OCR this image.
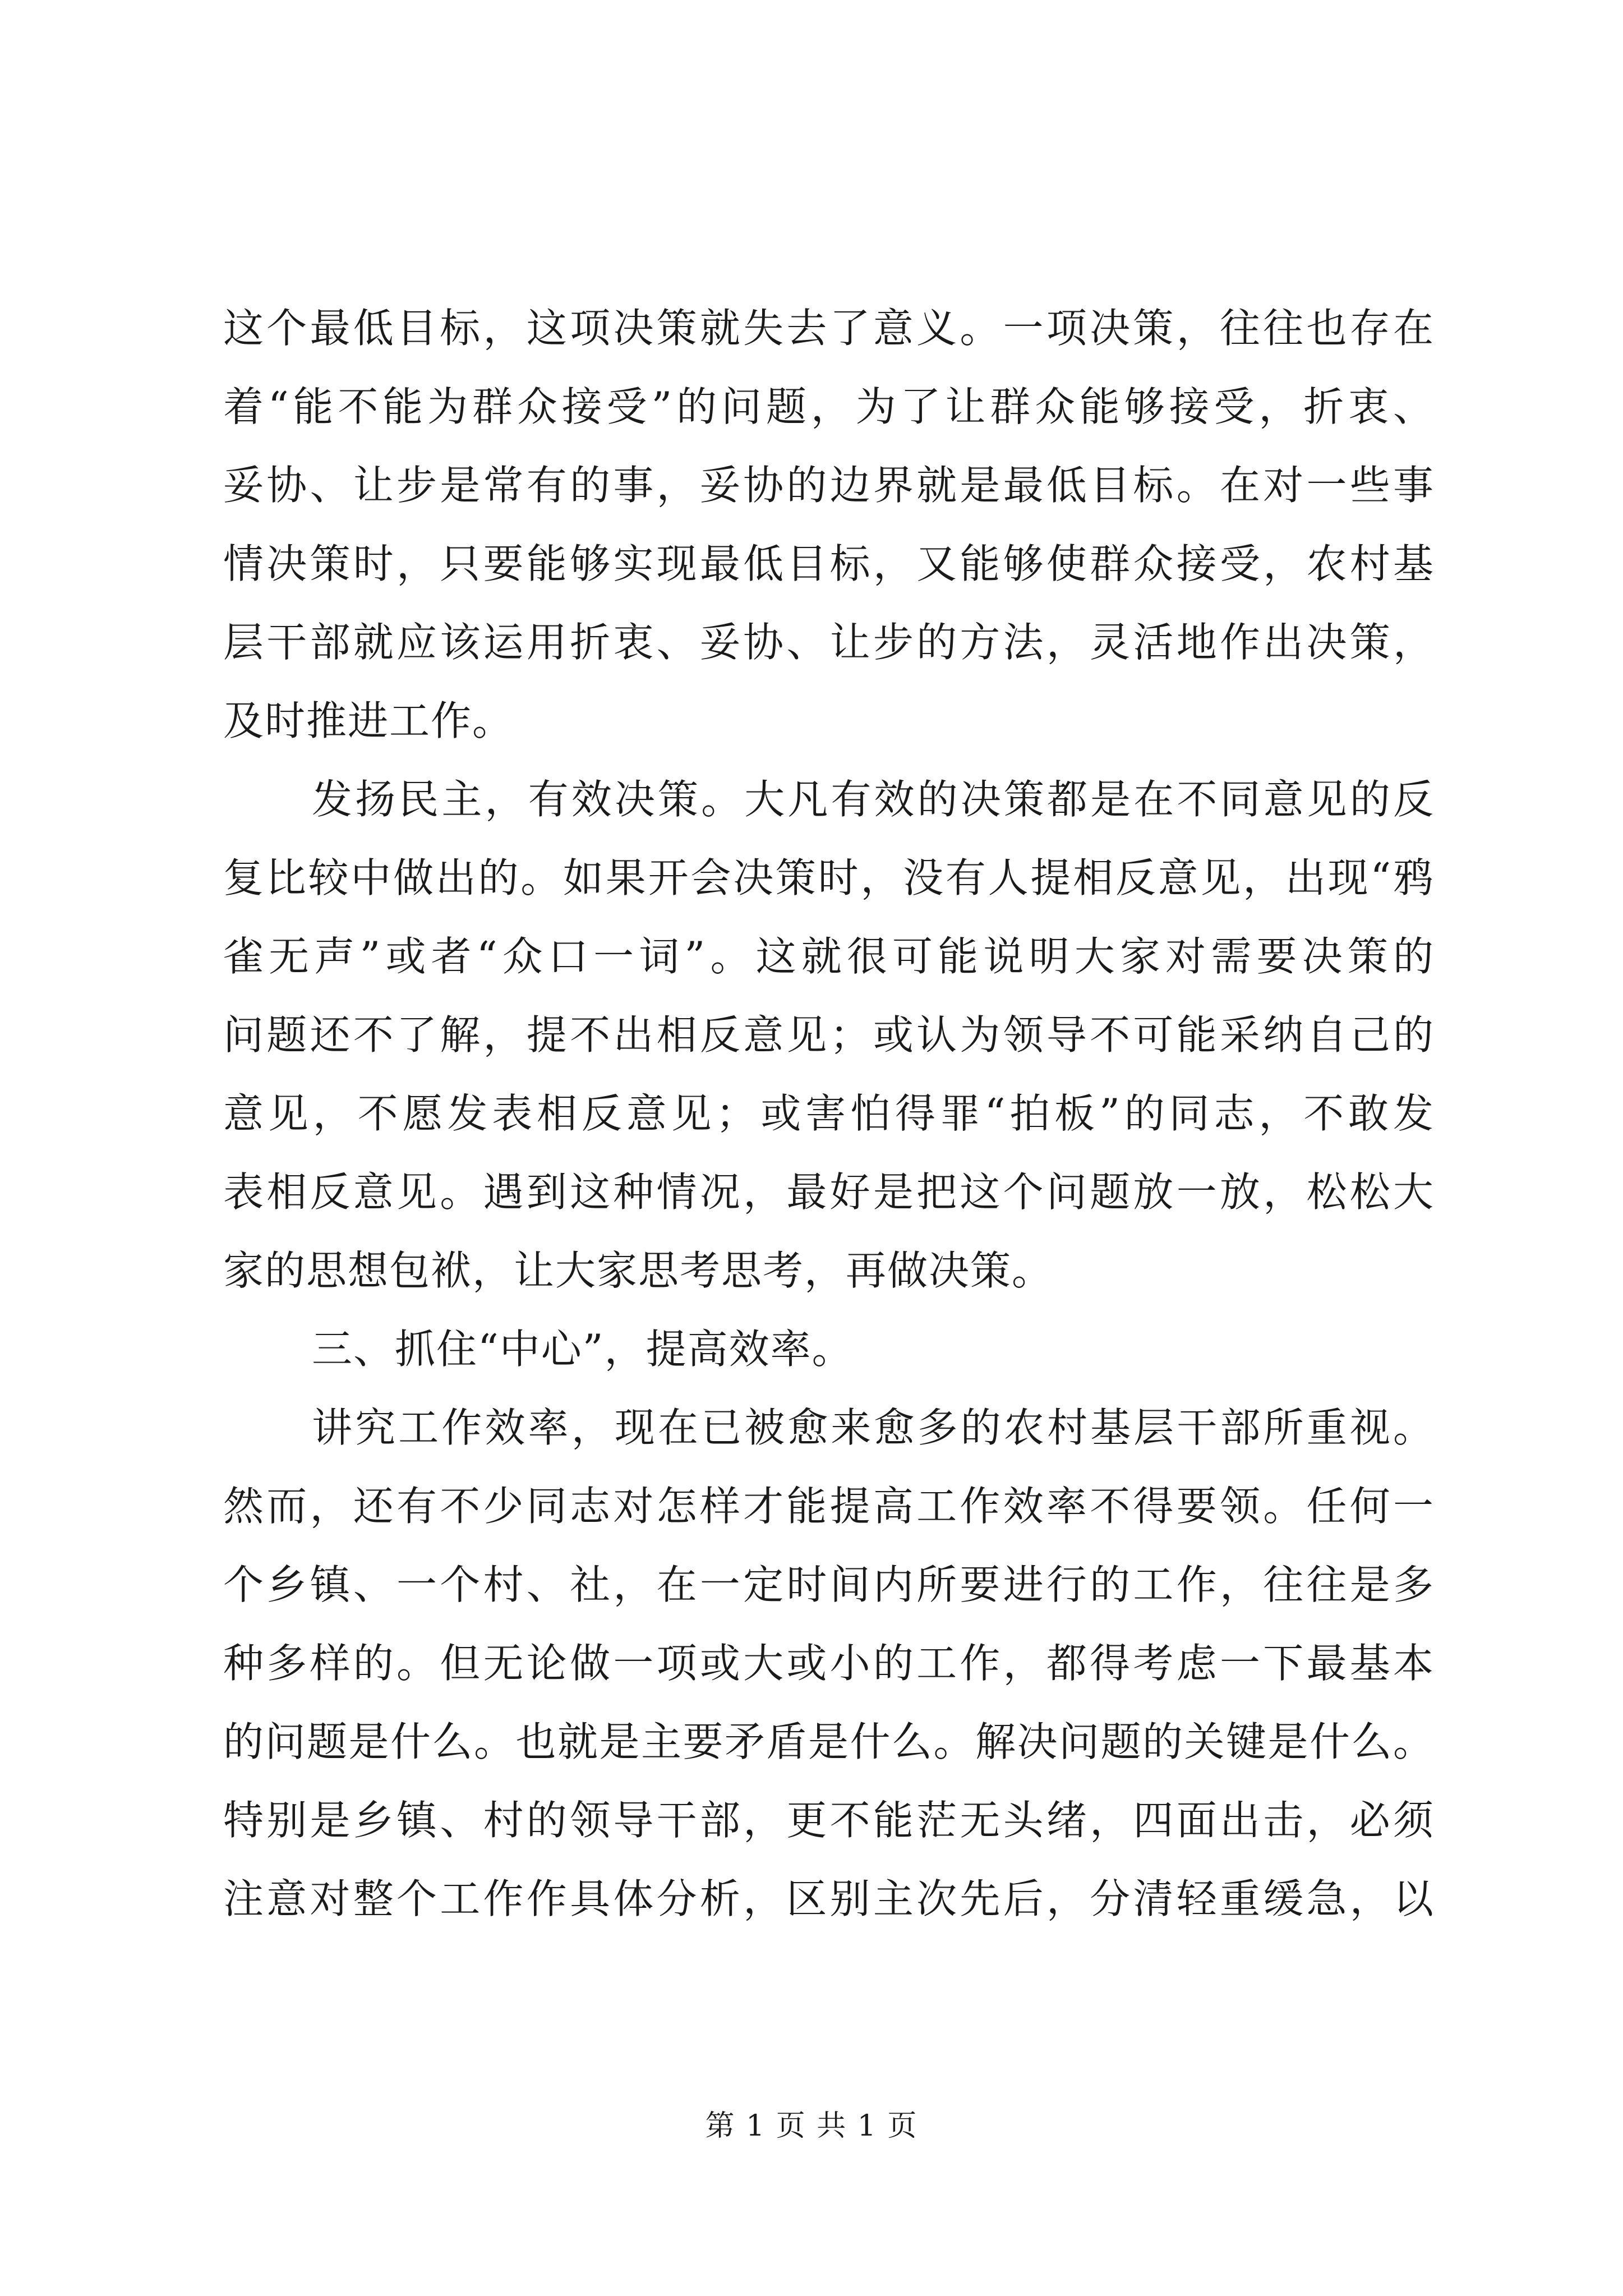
这个最低目标，这项决策就失去了意义。一项决策，往往也存在
着“能不能为群众接受”的问题，为了让群众能够接受，折衷、
妥协、让步是常有的事，妥协的边界就是最低目标。在对一些事
情决策时，只要能够实现最低目标，又能够使群众接受，农村基
层干部就应该运用折衷、妥协、让步的方法，灵活地作出决策，
及时推进工作。
发扬民主，有效决策。大凡有效的决策都是在不同意见的反
复比较中做出的。如果开会决策时，没有人提相反意见，出现“鸦
雀无声”或者“众口一词”。这就很可能说明大家对需要决策的
问题还不了解，提不出相反意见；或认为领导不可能采纳自己的
意见，不愿发表相反意见；或害怕得罪“拍板”的同志，不敢发
表相反意见。遇到这种情况，最好是把这个问题放一放，松松大
家的思想包袱，让大家思考思考，再做决策。
三、抓住“中心”，提高效率。
讲究工作效率，现在已被愈来愈多的农村基层干部所重视。
然而，还有不少同志对怎样才能提高工作效率不得要领。任何一
个乡镇、一个村、社，在一定时间内所要进行的工作，往往是多
种多样的。但无论做一项或大或小的工作，都得考虑一下最基本
的问题是什么。也就是主要矛盾是什么。解决问题的关键是什么。
特别是乡镇、村的领导干部，更不能茫无头绪，四面出击，必须
注意对整个工作作具体分析，区别主次先后，分清轻重缓急，以
第 1 页 共 1 页
